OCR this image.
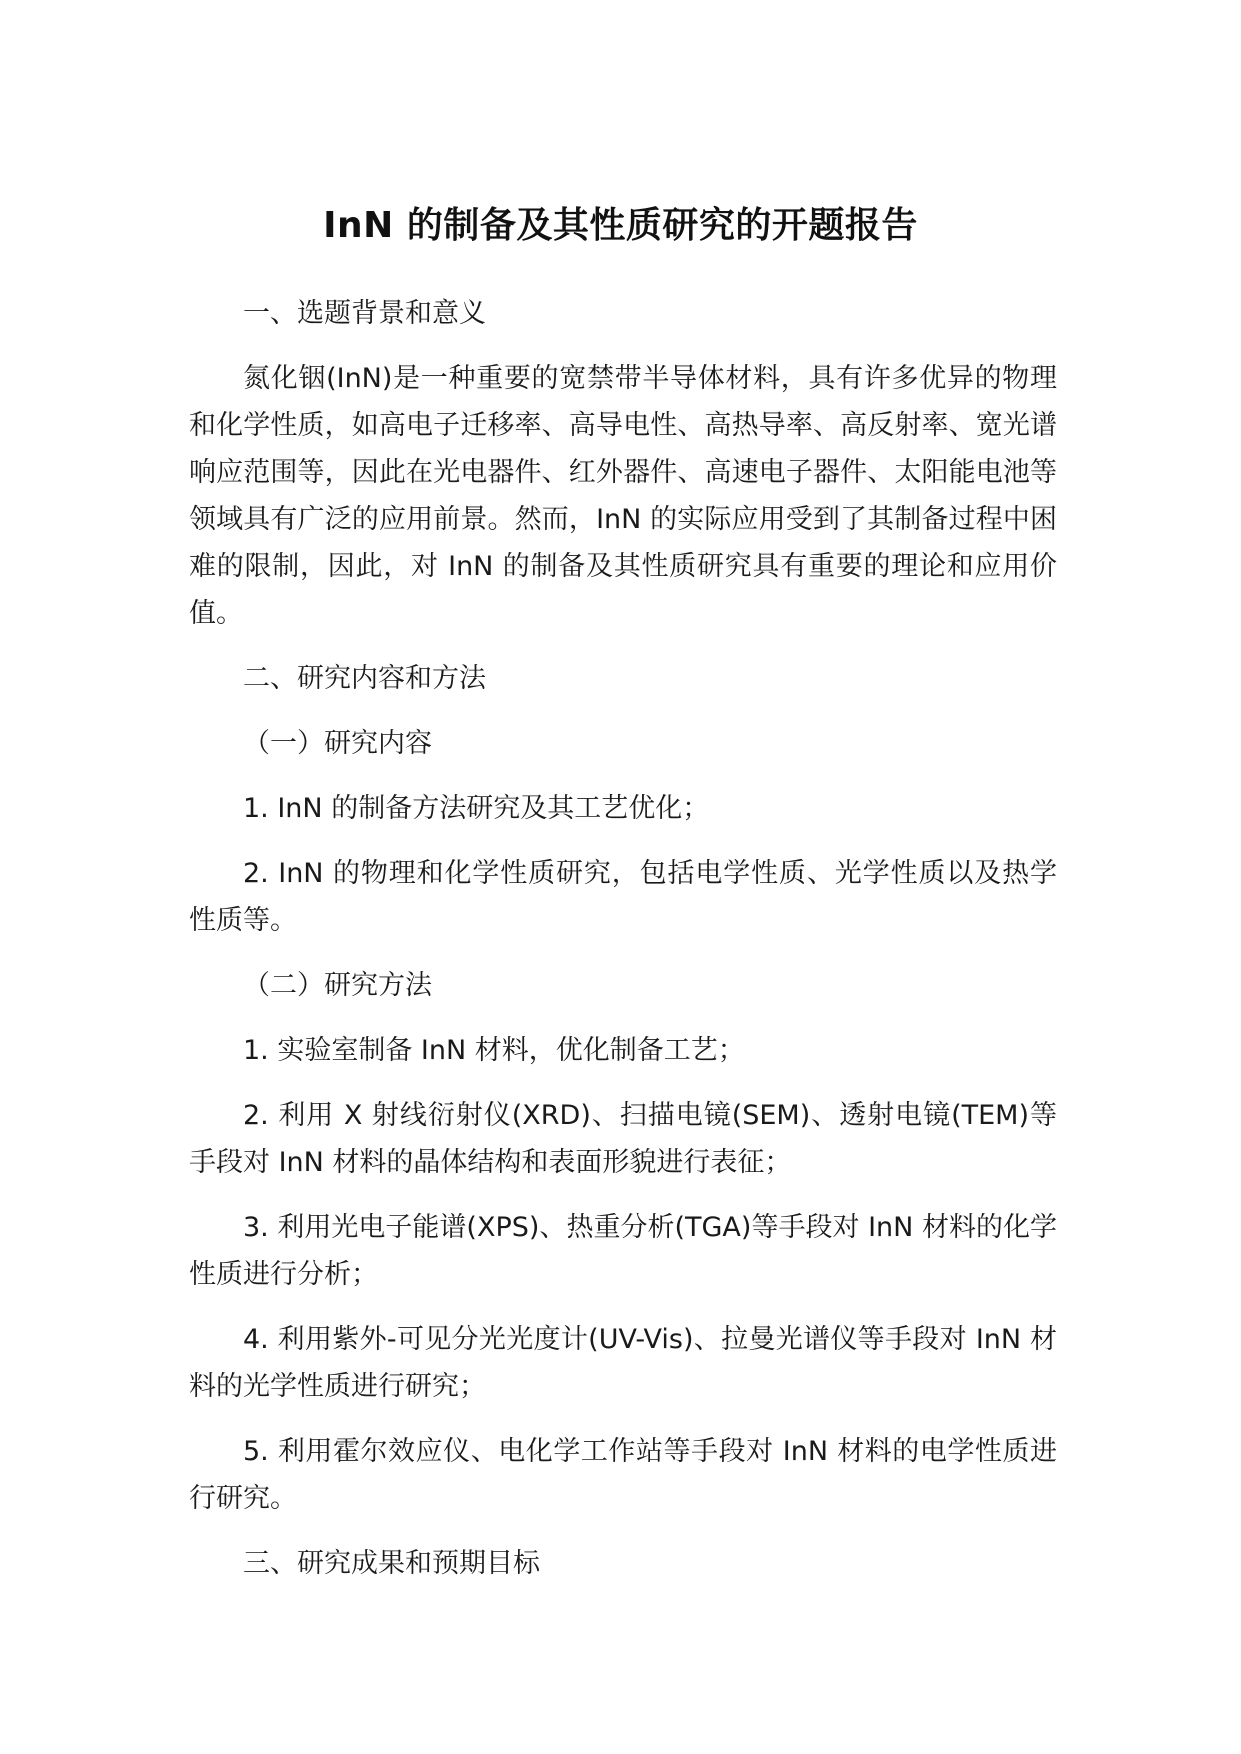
InN 的制备及其性质研究的开题报告

一、选题背景和意义

氮化铟(InN)是一种重要的宽禁带半导体材料，具有许多优异的物理和化学性质，如高电子迁移率、高导电性、高热导率、高反射率、宽光谱响应范围等，因此在光电器件、红外器件、高速电子器件、太阳能电池等领域具有广泛的应用前景。然而，InN 的实际应用受到了其制备过程中困难的限制，因此，对 InN 的制备及其性质研究具有重要的理论和应用价值。

二、研究内容和方法

（一）研究内容

1. InN 的制备方法研究及其工艺优化；

2. InN 的物理和化学性质研究，包括电学性质、光学性质以及热学性质等。

（二）研究方法

1. 实验室制备 InN 材料，优化制备工艺；

2. 利用 X 射线衍射仪(XRD)、扫描电镜(SEM)、透射电镜(TEM)等手段对 InN 材料的晶体结构和表面形貌进行表征；

3. 利用光电子能谱(XPS)、热重分析(TGA)等手段对 InN 材料的化学性质进行分析；

4. 利用紫外-可见分光光度计(UV-Vis)、拉曼光谱仪等手段对 InN 材料的光学性质进行研究；

5. 利用霍尔效应仪、电化学工作站等手段对 InN 材料的电学性质进行研究。

三、研究成果和预期目标
